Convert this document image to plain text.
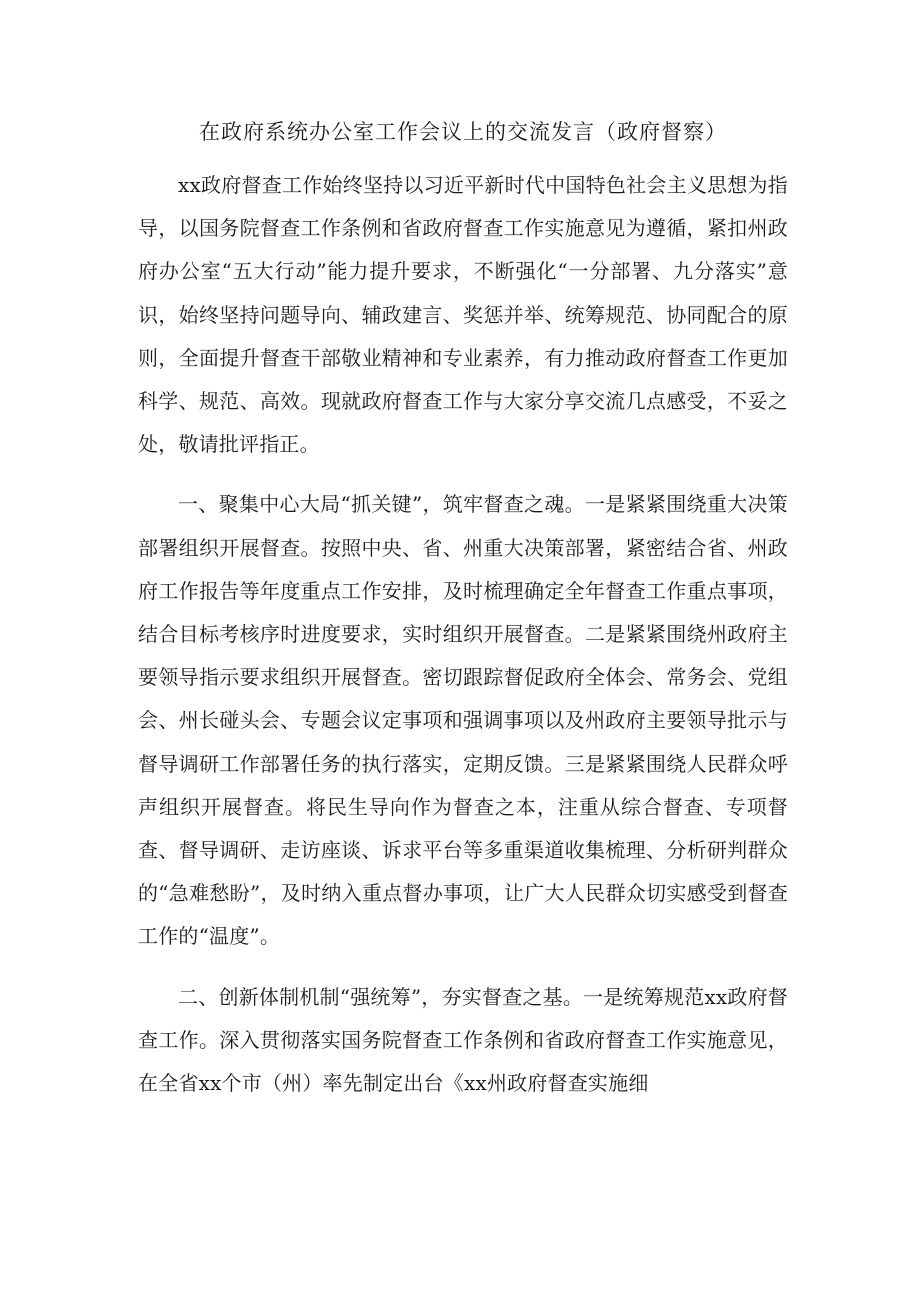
在政府系统办公室工作会议上的交流发言（政府督察）

xx政府督查工作始终坚持以习近平新时代中国特色社会主义思想为指导，以国务院督查工作条例和省政府督查工作实施意见为遵循，紧扣州政府办公室“五大行动”能力提升要求，不断强化“一分部署、九分落实”意识，始终坚持问题导向、辅政建言、奖惩并举、统筹规范、协同配合的原则，全面提升督查干部敬业精神和专业素养，有力推动政府督查工作更加科学、规范、高效。现就政府督查工作与大家分享交流几点感受，不妥之处，敬请批评指正。

一、聚集中心大局“抓关键”，筑牢督查之魂。一是紧紧围绕重大决策部署组织开展督查。按照中央、省、州重大决策部署，紧密结合省、州政府工作报告等年度重点工作安排，及时梳理确定全年督查工作重点事项，结合目标考核序时进度要求，实时组织开展督查。二是紧紧围绕州政府主要领导指示要求组织开展督查。密切跟踪督促政府全体会、常务会、党组会、州长碰头会、专题会议定事项和强调事项以及州政府主要领导批示与督导调研工作部署任务的执行落实，定期反馈。三是紧紧围绕人民群众呼声组织开展督查。将民生导向作为督查之本，注重从综合督查、专项督查、督导调研、走访座谈、诉求平台等多重渠道收集梳理、分析研判群众的“急难愁盼”，及时纳入重点督办事项，让广大人民群众切实感受到督查工作的“温度”。

二、创新体制机制“强统筹”，夯实督查之基。一是统筹规范xx政府督查工作。深入贯彻落实国务院督查工作条例和省政府督查工作实施意见，在全省xx个市（州）率先制定出台《xx州政府督查实施细
